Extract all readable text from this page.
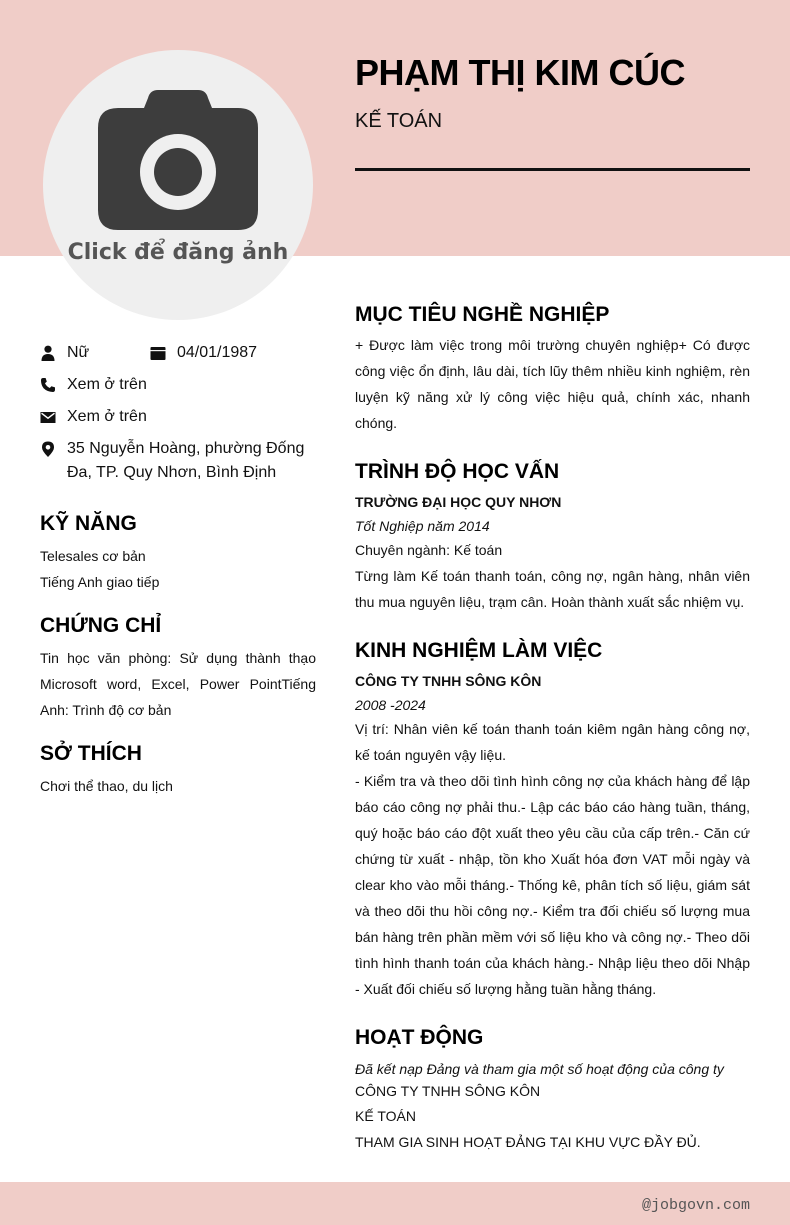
Click để đăng ảnh
PHẠM THỊ KIM CÚC
KẾ TOÁN
Nữ	04/01/1987
Xem ở trên
Xem ở trên
35 Nguyễn Hoàng, phường Đống
Đa, TP. Quy Nhơn, Bình Định
KỸ NĂNG
Telesales cơ bản
Tiếng Anh giao tiếp
CHỨNG CHỈ
Tin học văn phòng: Sử dụng thành thạo Microsoft word, Excel, Power PointTiếng Anh: Trình độ cơ bản
SỞ THÍCH
Chơi thể thao, du lịch
MỤC TIÊU NGHỀ NGHIỆP
+ Được làm việc trong môi trường chuyên nghiệp+ Có được công việc ổn định, lâu dài, tích lũy thêm nhiều kinh nghiệm, rèn luyện kỹ năng xử lý công việc hiệu quả, chính xác, nhanh chóng.
TRÌNH ĐỘ HỌC VẤN
TRƯỜNG ĐẠI HỌC QUY NHƠN
Tốt Nghiệp năm 2014
Chuyên ngành: Kế toán
Từng làm Kế toán thanh toán, công nợ, ngân hàng, nhân viên thu mua nguyên liệu, trạm cân. Hoàn thành xuất sắc nhiệm vụ.
KINH NGHIỆM LÀM VIỆC
CÔNG TY TNHH SÔNG KÔN
2008 -2024
Vị trí: Nhân viên kế toán thanh toán kiêm ngân hàng công nợ, kế toán nguyên vậy liệu.
- Kiểm tra và theo dõi tình hình công nợ của khách hàng để lập báo cáo công nợ phải thu.- Lập các báo cáo hàng tuần, tháng, quý hoặc báo cáo đột xuất theo yêu cầu của cấp trên.- Căn cứ chứng từ xuất - nhập, tồn kho Xuất hóa đơn VAT mỗi ngày và clear kho vào mỗi tháng.- Thống kê, phân tích số liệu, giám sát và theo dõi thu hồi công nợ.- Kiểm tra đối chiếu số lượng mua bán hàng trên phần mềm với số liệu kho và công nợ.- Theo dõi tình hình thanh toán của khách hàng.- Nhập liệu theo dõi Nhập - Xuất đối chiếu số lượng hằng tuần hằng tháng.
HOẠT ĐỘNG
Đã kết nạp Đảng và tham gia một số hoạt động của công ty
CÔNG TY TNHH SÔNG KÔN
KẾ TOÁN
THAM GIA SINH HOẠT ĐẢNG TẠI KHU VỰC ĐẦY ĐỦ.
@jobgovn.com
